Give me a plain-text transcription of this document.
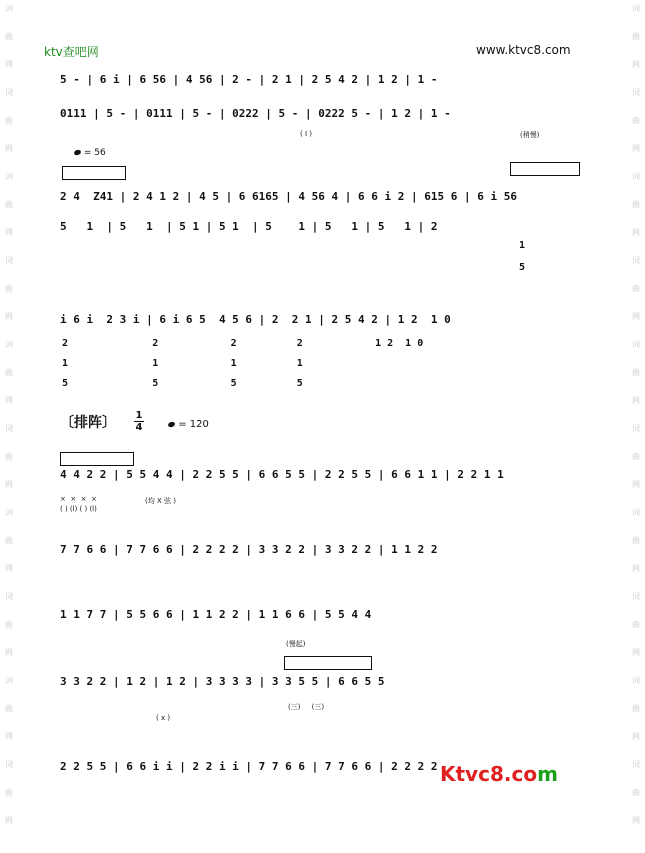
词
曲
网
词
曲
网
词
曲
网
词
曲
网
词
曲
网
词
曲
网
词
曲
网
词
曲
网
词
曲
网
词
曲
网
词
曲
网
词
曲
网
词
曲
网
词
曲
网
词
曲
网
词
曲
网
词
曲
网
词
曲
网
词
曲
网
词
曲
网
ktv查吧网	www.ktvc8.com
= 56
〔排阵〕 1
4	= 120
5 - | 6 i | 6 56 | 4 56 | 2 - | 2 1 | 2 5 4 2 | 1 2 | 1 -
0111 | 5 - | 0111 | 5 - | 0222 | 5 - | 0222 5 - | 1 2 | 1 -
2 4  Z41 | 2 4 1 2 | 4 5 | 6 6165 | 4 56 4 | 6 6 i 2 | 615 6 | 6 i 56
5   1  | 5   1  | 5 1 | 5 1  | 5    1 | 5   1 | 5   1 | 2
i 6 i  2 3 i | 6 i 6 5  4 5 6 | 2  2 1 | 2 5 4 2 | 1 2  1 0
4 4 2 2 | 5 5 4 4 | 2 2 5 5 | 6 6 5 5 | 2 2 5 5 | 6 6 1 1 | 2 2 1 1
7 7 6 6 | 7 7 6 6 | 2 2 2 2 | 3 3 2 2 | 3 3 2 2 | 1 1 2 2
1 1 7 7 | 5 5 6 6 | 1 1 2 2 | 1 1 6 6 | 5 5 4 4
3 3 2 2 | 1 2 | 1 2 | 3 3 3 3 | 3 3 5 5 | 6 6 5 5
2 2 5 5 | 6 6 i i | 2 2 i i | 7 7 6 6 | 7 7 6 6 | 2 2 2 2
1
5
2              2            2          2            1 2  1 0
1              1            1          1
5              5            5          5
( I )	(稍慢)
(均 X 弦 )
( ) (l) ( ) (l)
(慢起)
(三)     (三)
( x )
×  ×  ×  ×
Ktvc8.com
